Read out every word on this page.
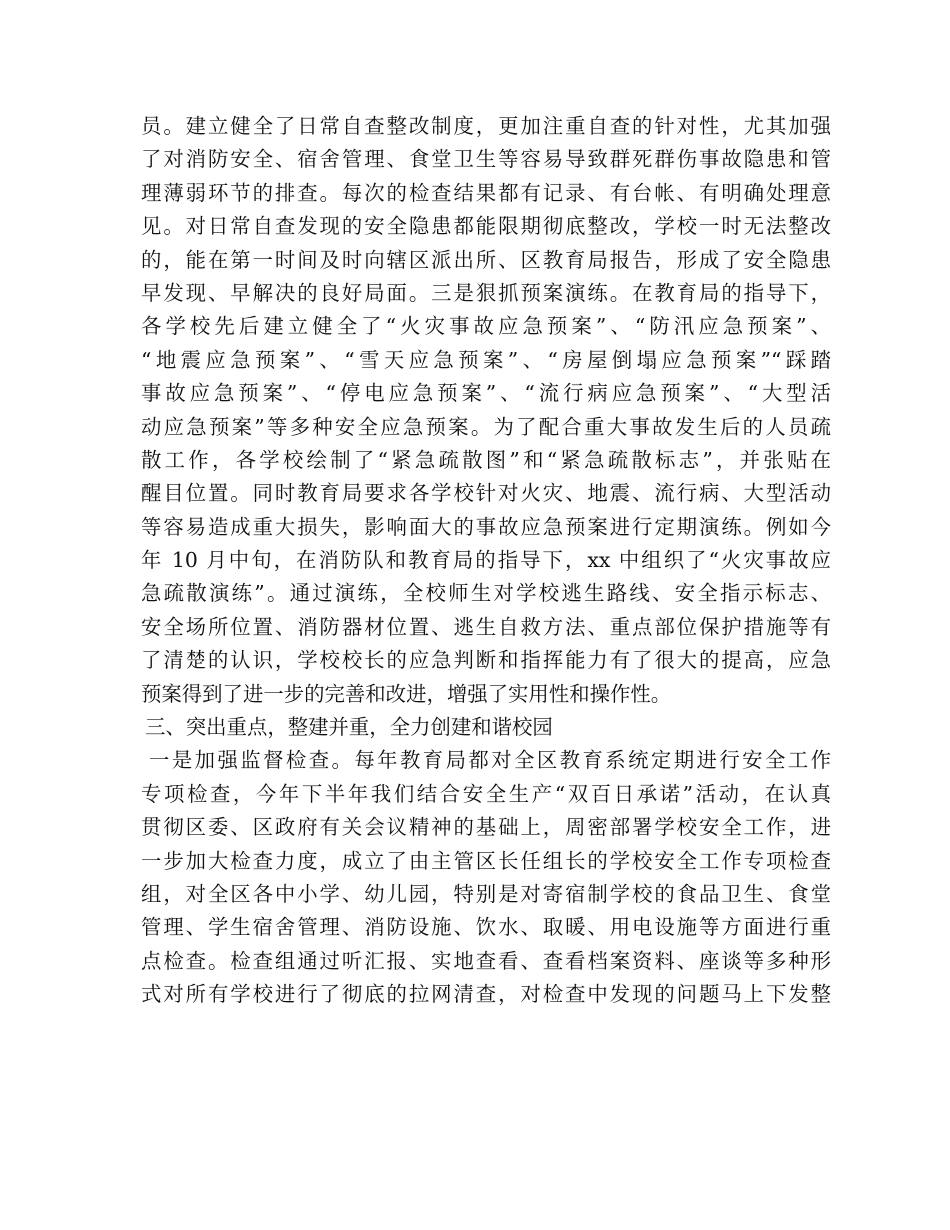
员。建立健全了日常自查整改制度，更加注重自查的针对性，尤其加强
了对消防安全、宿舍管理、食堂卫生等容易导致群死群伤事故隐患和管
理薄弱环节的排查。每次的检查结果都有记录、有台帐、有明确处理意
见。对日常自查发现的安全隐患都能限期彻底整改，学校一时无法整改
的，能在第一时间及时向辖区派出所、区教育局报告，形成了安全隐患
早发现、早解决的良好局面。三是狠抓预案演练。在教育局的指导下，
各学校先后建立健全了“火灾事故应急预案”、“防汛应急预案”、
“地震应急预案”、“雪天应急预案”、“房屋倒塌应急预案”“踩踏
事故应急预案”、“停电应急预案”、“流行病应急预案”、“大型活
动应急预案”等多种安全应急预案。为了配合重大事故发生后的人员疏
散工作，各学校绘制了“紧急疏散图”和“紧急疏散标志”，并张贴在
醒目位置。同时教育局要求各学校针对火灾、地震、流行病、大型活动
等容易造成重大损失，影响面大的事故应急预案进行定期演练。例如今
年 10 月中旬，在消防队和教育局的指导下，xx 中组织了“火灾事故应
急疏散演练”。通过演练，全校师生对学校逃生路线、安全指示标志、
安全场所位置、消防器材位置、逃生自救方法、重点部位保护措施等有
了清楚的认识，学校校长的应急判断和指挥能力有了很大的提高，应急
预案得到了进一步的完善和改进，增强了实用性和操作性。
三、突出重点，整建并重，全力创建和谐校园
一是加强监督检查。每年教育局都对全区教育系统定期进行安全工作
专项检查，今年下半年我们结合安全生产“双百日承诺”活动，在认真
贯彻区委、区政府有关会议精神的基础上，周密部署学校安全工作，进
一步加大检查力度，成立了由主管区长任组长的学校安全工作专项检查
组，对全区各中小学、幼儿园，特别是对寄宿制学校的食品卫生、食堂
管理、学生宿舍管理、消防设施、饮水、取暖、用电设施等方面进行重
点检查。检查组通过听汇报、实地查看、查看档案资料、座谈等多种形
式对所有学校进行了彻底的拉网清查，对检查中发现的问题马上下发整
